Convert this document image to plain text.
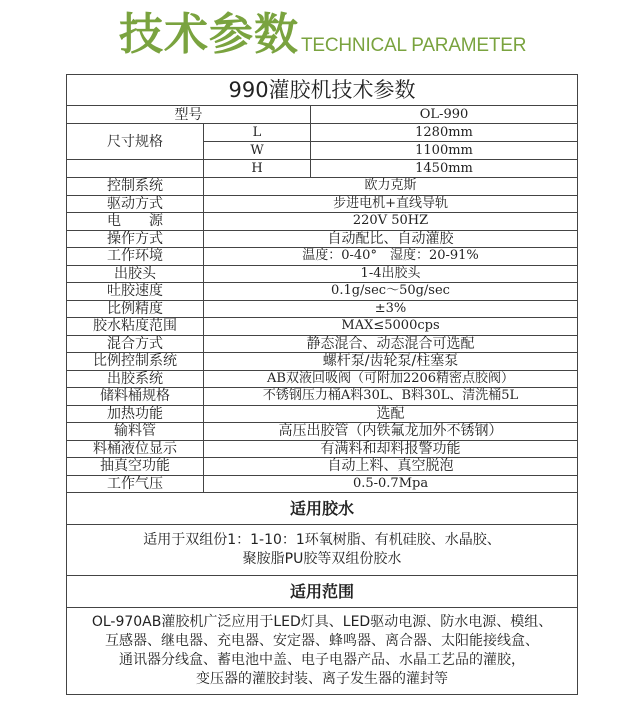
技术参数 TECHNICAL PARAMETER
990灌胶机技术参数		
型号		OL-990
尺寸规格	L	1280mm
	W	1100mm
	H	1450mm
控制系统	欧力克斯	
驱动方式	步进电机+直线导轨	
电　　源	220V 50HZ	
操作方式	自动配比、自动灌胶	
工作环境	温度：0-40°　湿度：20-91%	
出胶头	1-4出胶头	
吐胶速度	0.1g/sec～50g/sec	
比例精度	±3%	
胶水粘度范围	MAX≤5000cps	
混合方式	静态混合、动态混合可选配	
比例控制系统	螺杆泵/齿轮泵/柱塞泵	
出胶系统	AB双液回吸阀（可附加2206精密点胶阀）	
储料桶规格	不锈钢压力桶A料30L、B料30L、清洗桶5L	
加热功能	选配	
输料管	高压出胶管（内铁氟龙加外不锈钢）	
料桶液位显示	有满料和却料报警功能	
抽真空功能	自动上料、真空脱泡	
工作气压	0.5-0.7Mpa	
适用胶水		

适用于双组份1：1-10：1环氧树脂、有机硅胶、水晶胶、
聚胺脂PU胶等双组份胶水		

适用范围		

OL-970AB灌胶机广泛应用于LED灯具、LED驱动电源、防水电源、模组、
互感器、继电器、充电器、安定器、蜂鸣器、离合器、太阳能接线盒、
通讯器分线盒、蓄电池中盖、电子电器产品、水晶工艺品的灌胶，
变压器的灌胶封装、离子发生器的灌封等		
